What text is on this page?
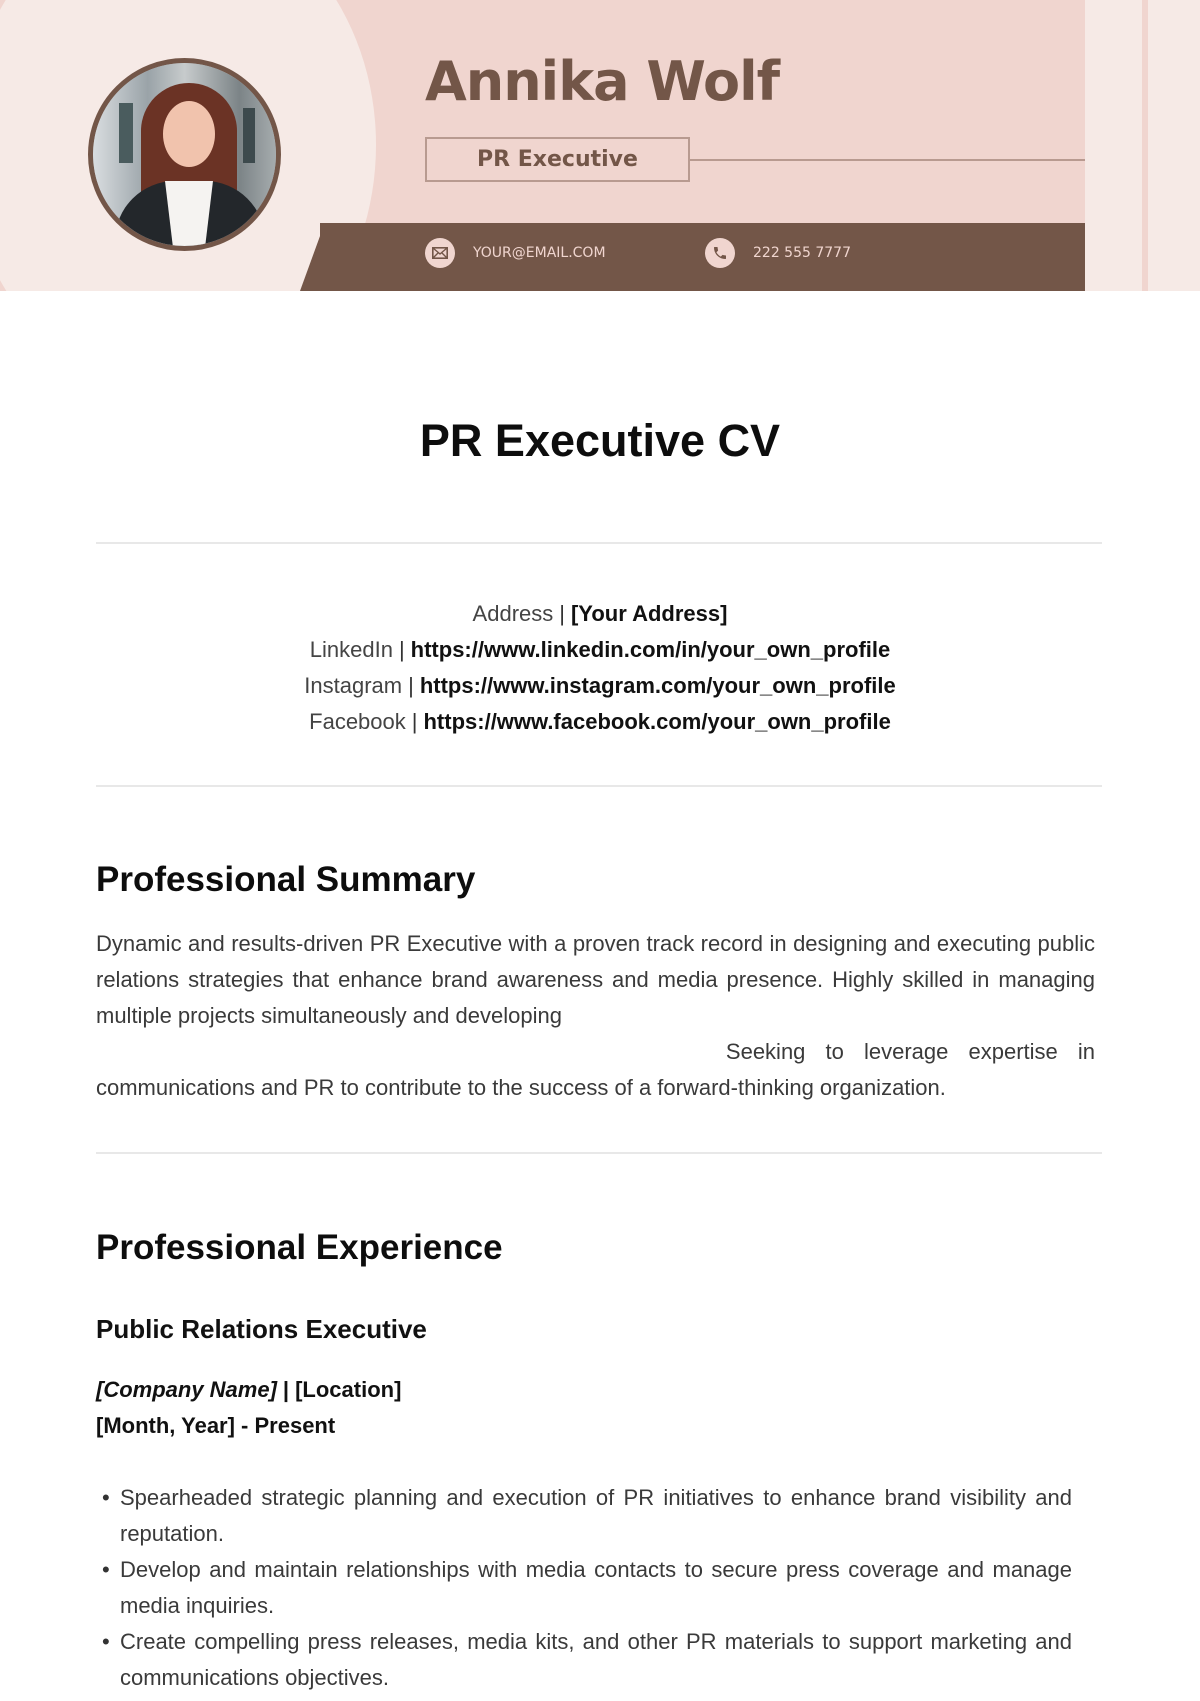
Annika Wolf
PR Executive
YOUR@EMAIL.COM	222 555 7777
PR Executive CV
Address | [Your Address]
LinkedIn | https://www.linkedin.com/in/your_own_profile
Instagram | https://www.instagram.com/your_own_profile
Facebook | https://www.facebook.com/your_own_profile
Professional Summary
Dynamic and results-driven PR Executive with a proven track record in designing and executing public relations strategies that enhance brand awareness and media presence. Highly skilled in managing multiple projects simultaneously and developing
Seeking to leverage expertise in
communications and PR to contribute to the success of a forward-thinking organization.
Professional Experience
Public Relations Executive
[Company Name] | [Location]
[Month, Year] - Present
• Spearheaded strategic planning and execution of PR initiatives to enhance brand visibility and reputation.
• Develop and maintain relationships with media contacts to secure press coverage and manage media inquiries.
• Create compelling press releases, media kits, and other PR materials to support marketing and communications objectives.
